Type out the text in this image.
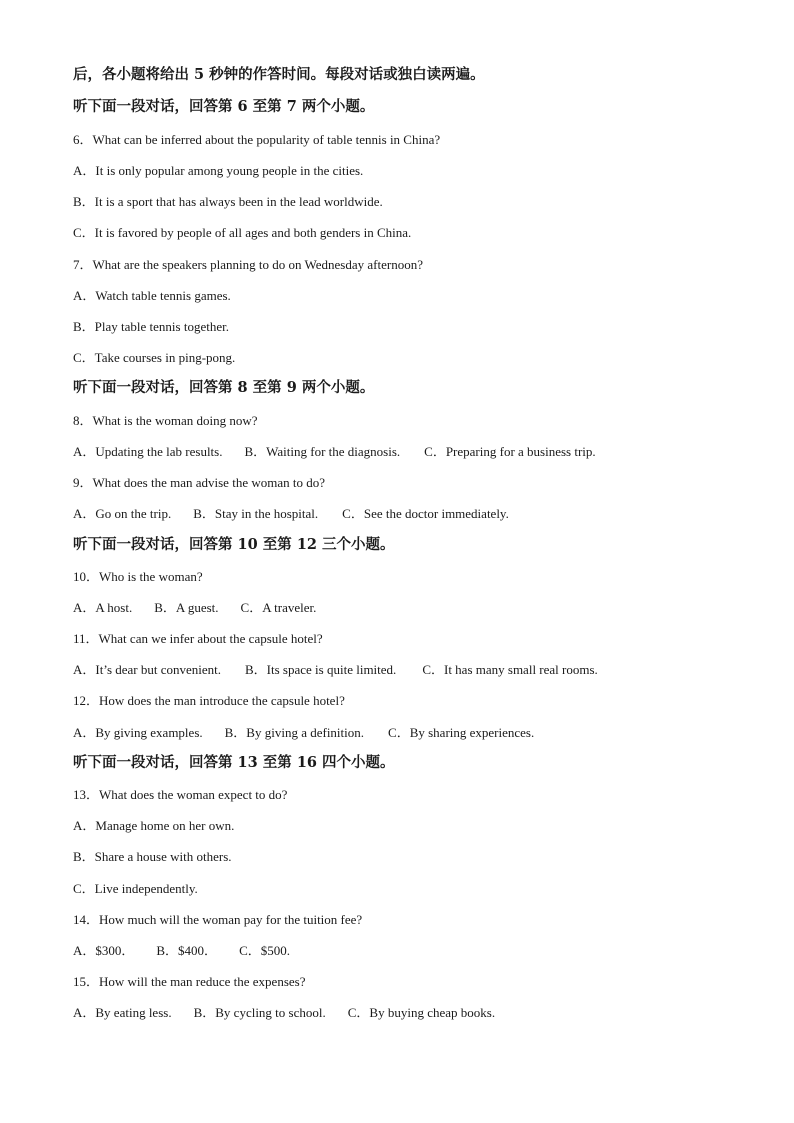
后，各小题将给出 5 秒钟的作答时间。每段对话或独白读两遍。
听下面一段对话，回答第 6 至第 7 两个小题。
6．What can be inferred about the popularity of table tennis in China?
A．It is only popular among young people in the cities.
B．It is a sport that has always been in the lead worldwide.
C．It is favored by people of all ages and both genders in China.
7．What are the speakers planning to do on Wednesday afternoon?
A．Watch table tennis games.
B．Play table tennis together.
C．Take courses in ping-pong.
听下面一段对话，回答第 8 至第 9 两个小题。
8．What is the woman doing now?
A．Updating the lab results. B．Waiting for the diagnosis. C．Preparing for a business trip.
9．What does the man advise the woman to do?
A．Go on the trip. B．Stay in the hospital. C．See the doctor immediately.
听下面一段对话，回答第 10 至第 12 三个小题。
10．Who is the woman?
A．A host. B．A guest. C．A traveler.
11．What can we infer about the capsule hotel?
A．It’s dear but convenient. B．Its space is quite limited. C．It has many small real rooms.
12．How does the man introduce the capsule hotel?
A．By giving examples. B．By giving a definition. C．By sharing experiences.
听下面一段对话，回答第 13 至第 16 四个小题。
13．What does the woman expect to do?
A．Manage home on her own.
B．Share a house with others.
C．Live independently.
14．How much will the woman pay for the tuition fee?
A．$300． B．$400． C．$500.
15．How will the man reduce the expenses?
A．By eating less. B．By cycling to school. C．By buying cheap books.
